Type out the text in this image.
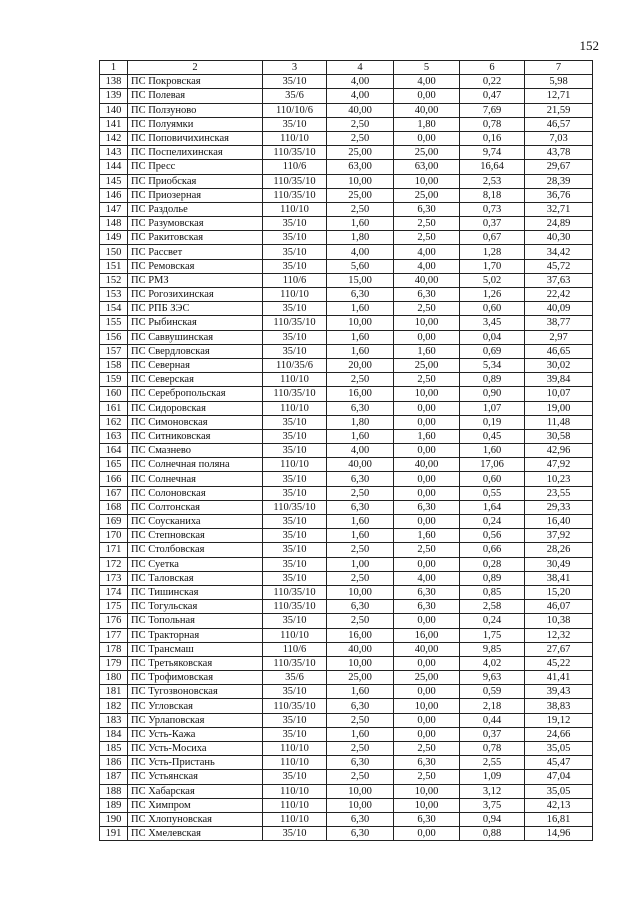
152
1	2	3	4	5	6	7
138	ПС Покровская	35/10	4,00	4,00	0,22	5,98
139	ПС Полевая	35/6	4,00	0,00	0,47	12,71
140	ПС Ползуново	110/10/6	40,00	40,00	7,69	21,59
141	ПС Полуямки	35/10	2,50	1,80	0,78	46,57
142	ПС Поповичихинская	110/10	2,50	0,00	0,16	7,03
143	ПС Поспелихинская	110/35/10	25,00	25,00	9,74	43,78
144	ПС Пресс	110/6	63,00	63,00	16,64	29,67
145	ПС Приобская	110/35/10	10,00	10,00	2,53	28,39
146	ПС Приозерная	110/35/10	25,00	25,00	8,18	36,76
147	ПС Раздолье	110/10	2,50	6,30	0,73	32,71
148	ПС Разумовская	35/10	1,60	2,50	0,37	24,89
149	ПС Ракитовская	35/10	1,80	2,50	0,67	40,30
150	ПС Рассвет	35/10	4,00	4,00	1,28	34,42
151	ПС Ремовская	35/10	5,60	4,00	1,70	45,72
152	ПС РМЗ	110/6	15,00	40,00	5,02	37,63
153	ПС Рогозихинская	110/10	6,30	6,30	1,26	22,42
154	ПС РПБ ЗЭС	35/10	1,60	2,50	0,60	40,09
155	ПС Рыбинская	110/35/10	10,00	10,00	3,45	38,77
156	ПС Саввушинская	35/10	1,60	0,00	0,04	2,97
157	ПС Свердловская	35/10	1,60	1,60	0,69	46,65
158	ПС Северная	110/35/6	20,00	25,00	5,34	30,02
159	ПС Северская	110/10	2,50	2,50	0,89	39,84
160	ПС Серебропольская	110/35/10	16,00	10,00	0,90	10,07
161	ПС Сидоровская	110/10	6,30	0,00	1,07	19,00
162	ПС Симоновская	35/10	1,80	0,00	0,19	11,48
163	ПС Ситниковская	35/10	1,60	1,60	0,45	30,58
164	ПС Смазнево	35/10	4,00	0,00	1,60	42,96
165	ПС Солнечная поляна	110/10	40,00	40,00	17,06	47,92
166	ПС Солнечная	35/10	6,30	0,00	0,60	10,23
167	ПС Солоновская	35/10	2,50	0,00	0,55	23,55
168	ПС Солтонская	110/35/10	6,30	6,30	1,64	29,33
169	ПС Соусканиха	35/10	1,60	0,00	0,24	16,40
170	ПС Степновская	35/10	1,60	1,60	0,56	37,92
171	ПС Столбовская	35/10	2,50	2,50	0,66	28,26
172	ПС Суетка	35/10	1,00	0,00	0,28	30,49
173	ПС Таловская	35/10	2,50	4,00	0,89	38,41
174	ПС Тишинская	110/35/10	10,00	6,30	0,85	15,20
175	ПС Тогульская	110/35/10	6,30	6,30	2,58	46,07
176	ПС Топольная	35/10	2,50	0,00	0,24	10,38
177	ПС Тракторная	110/10	16,00	16,00	1,75	12,32
178	ПС Трансмаш	110/6	40,00	40,00	9,85	27,67
179	ПС Третьяковская	110/35/10	10,00	0,00	4,02	45,22
180	ПС Трофимовская	35/6	25,00	25,00	9,63	41,41
181	ПС Тугозвоновская	35/10	1,60	0,00	0,59	39,43
182	ПС Угловская	110/35/10	6,30	10,00	2,18	38,83
183	ПС Урлаповская	35/10	2,50	0,00	0,44	19,12
184	ПС Усть-Кажа	35/10	1,60	0,00	0,37	24,66
185	ПС Усть-Мосиха	110/10	2,50	2,50	0,78	35,05
186	ПС Усть-Пристань	110/10	6,30	6,30	2,55	45,47
187	ПС Устьянская	35/10	2,50	2,50	1,09	47,04
188	ПС Хабарская	110/10	10,00	10,00	3,12	35,05
189	ПС Химпром	110/10	10,00	10,00	3,75	42,13
190	ПС Хлопуновская	110/10	6,30	6,30	0,94	16,81
191	ПС Хмелевская	35/10	6,30	0,00	0,88	14,96
